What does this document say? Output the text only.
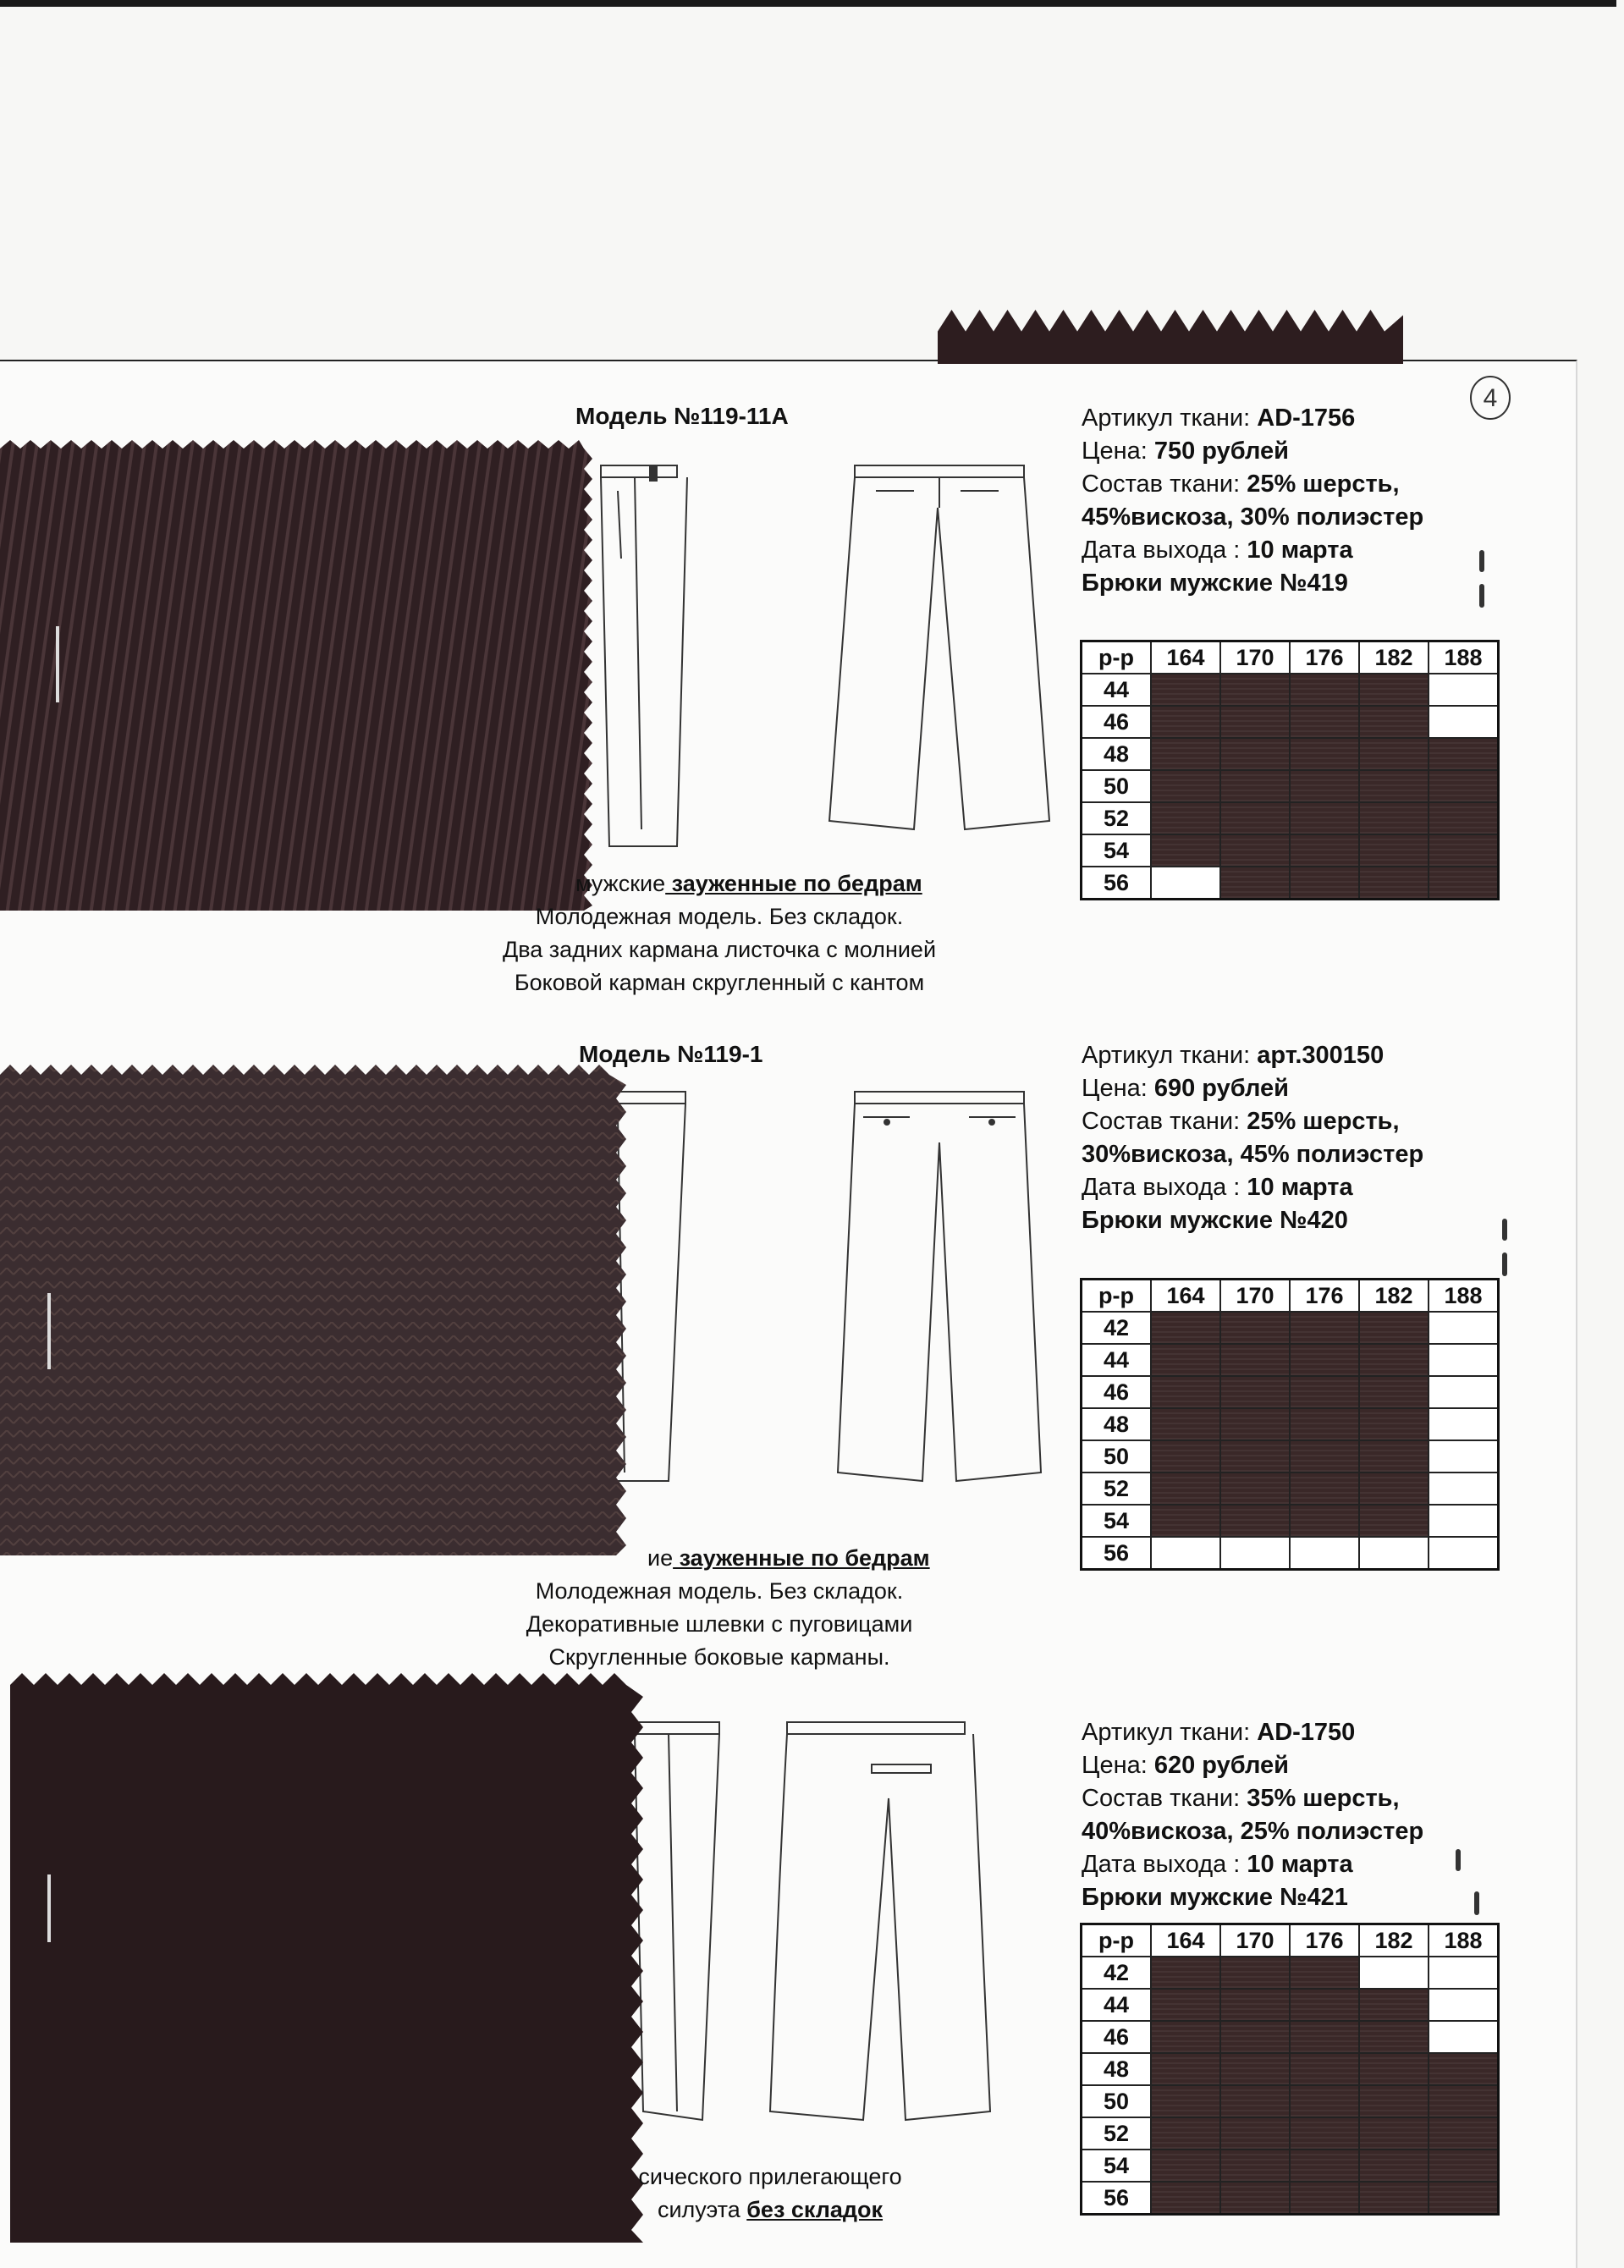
4
Модель №119-11А
мужские зауженные по бедрам
Молодежная модель. Без складок.
Два задних кармана листочка с молнией
Боковой карман скругленный с кантом
Артикул ткани: AD-1756
Цена: 750 рублей
Состав ткани: 25% шерсть,
45%вискоза, 30% полиэстер
Дата выхода : 10 марта
Брюки мужские №419
р-р	164	170	176	182	188
44					
46					
48					
50					
52					
54					
56					
Модель №119-1
ие зауженные по бедрам
Молодежная модель. Без складок.
Декоративные шлевки с пуговицами
Скругленные боковые карманы.
Артикул ткани: арт.300150
Цена: 690 рублей
Состав ткани: 25% шерсть,
30%вискоза, 45% полиэстер
Дата выхода : 10 марта
Брюки мужские №420
р-р	164	170	176	182	188
42					
44					
46					
48					
50					
52					
54					
56					
сического прилегающего
силуэта без складок
Артикул ткани: AD-1750
Цена: 620 рублей
Состав ткани: 35% шерсть,
40%вискоза, 25% полиэстер
Дата выхода : 10 марта
Брюки мужские №421
р-р	164	170	176	182	188
42					
44					
46					
48					
50					
52					
54					
56					
